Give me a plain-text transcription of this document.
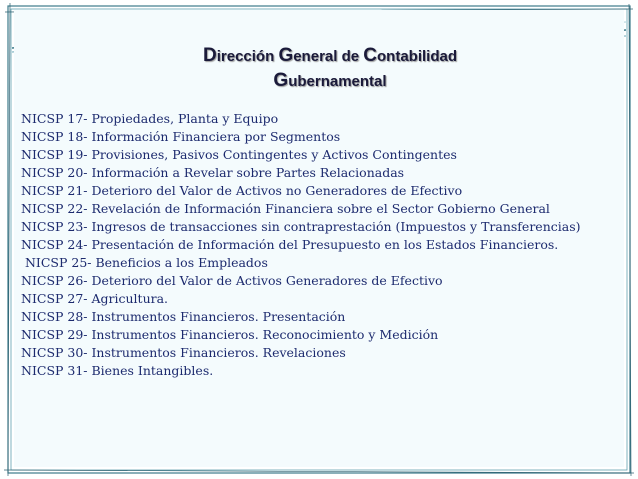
Dirección General de Contabilidad
Gubernamental
NICSP 17- Propiedades, Planta y Equipo
NICSP 18- Información Financiera por Segmentos
NICSP 19- Provisiones, Pasivos Contingentes y Activos Contingentes
NICSP 20- Información a Revelar sobre Partes Relacionadas
NICSP 21- Deterioro del Valor de Activos no Generadores de Efectivo
NICSP 22- Revelación de Información Financiera sobre el Sector Gobierno General
NICSP 23- Ingresos de transacciones sin contraprestación (Impuestos y Transferencias)
NICSP 24- Presentación de Información del Presupuesto en los Estados Financieros.
NICSP 25- Beneficios a los Empleados
NICSP 26- Deterioro del Valor de Activos Generadores de Efectivo
NICSP 27- Agricultura.
NICSP 28- Instrumentos Financieros. Presentación
NICSP 29- Instrumentos Financieros. Reconocimiento y Medición
NICSP 30- Instrumentos Financieros. Revelaciones
NICSP 31- Bienes Intangibles.
